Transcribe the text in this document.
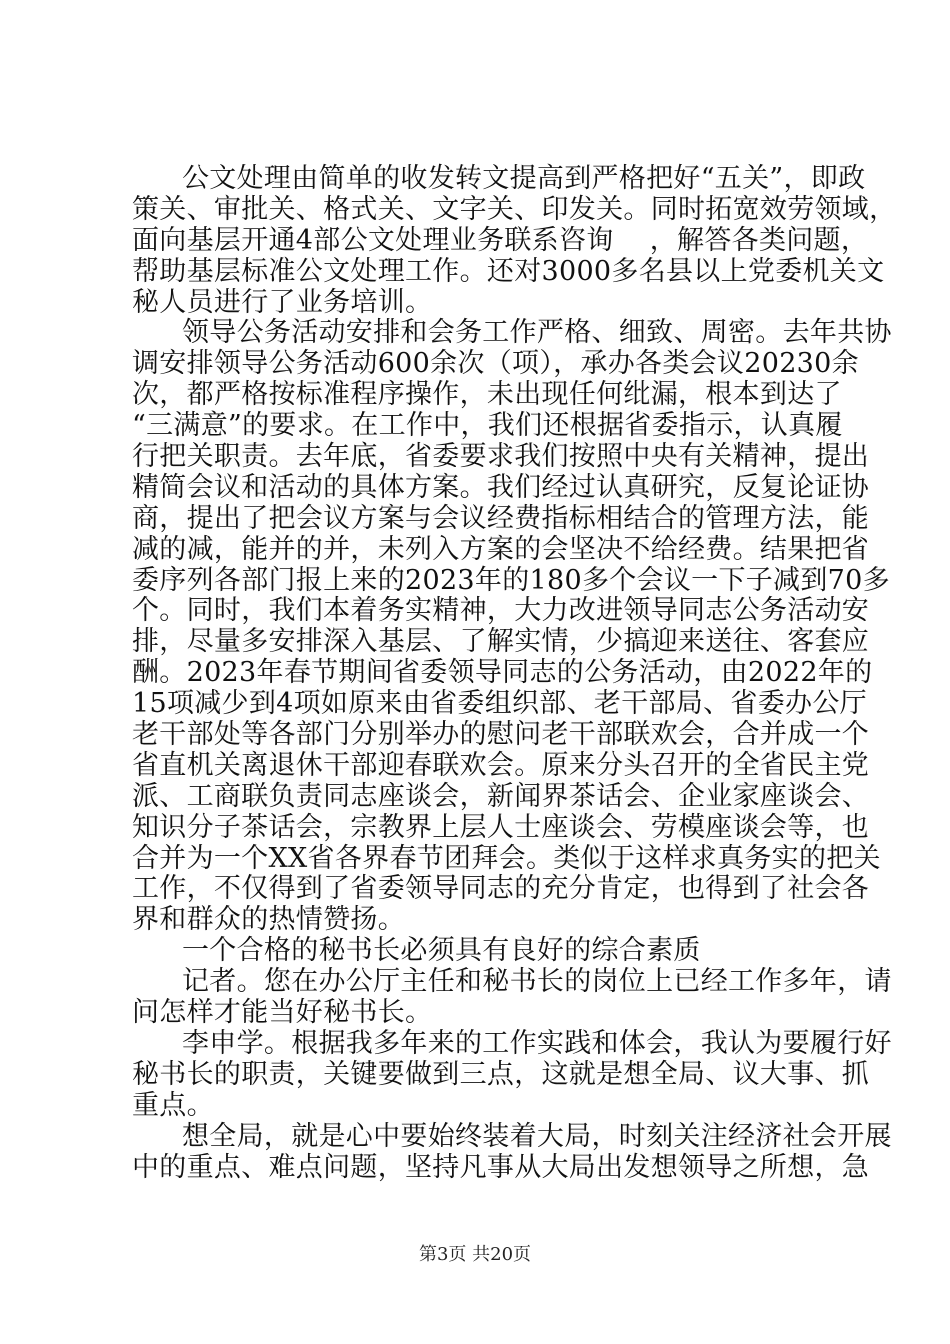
公文处理由简单的收发转文提高到严格把好“五关”，即政
策关、审批关、格式关、文字关、印发关。同时拓宽效劳领域，
面向基层开通4部公文处理业务联系咨询　 ，解答各类问题，
帮助基层标准公文处理工作。还对3000多名县以上党委机关文
秘人员进行了业务培训。
领导公务活动安排和会务工作严格、细致、周密。去年共协
调安排领导公务活动600余次（项），承办各类会议20230余
次，都严格按标准程序操作，未出现任何纰漏，根本到达了
“三满意”的要求。在工作中，我们还根据省委指示，认真履
行把关职责。去年底，省委要求我们按照中央有关精神，提出
精简会议和活动的具体方案。我们经过认真研究，反复论证协
商，提出了把会议方案与会议经费指标相结合的管理方法，能
减的减，能并的并，未列入方案的会坚决不给经费。结果把省
委序列各部门报上来的2023年的180多个会议一下子减到70多
个。同时，我们本着务实精神，大力改进领导同志公务活动安
排，尽量多安排深入基层、了解实情，少搞迎来送往、客套应
酬。2023年春节期间省委领导同志的公务活动，由2022年的
15项减少到4项如原来由省委组织部、老干部局、省委办公厅
老干部处等各部门分别举办的慰问老干部联欢会，合并成一个
省直机关离退休干部迎春联欢会。原来分头召开的全省民主党
派、工商联负责同志座谈会，新闻界茶话会、企业家座谈会、
知识分子茶话会，宗教界上层人士座谈会、劳模座谈会等，也
合并为一个XX省各界春节团拜会。类似于这样求真务实的把关
工作，不仅得到了省委领导同志的充分肯定，也得到了社会各
界和群众的热情赞扬。
一个合格的秘书长必须具有良好的综合素质
记者。您在办公厅主任和秘书长的岗位上已经工作多年，请
问怎样才能当好秘书长。
李申学。根据我多年来的工作实践和体会，我认为要履行好
秘书长的职责，关键要做到三点，这就是想全局、议大事、抓
重点。
想全局，就是心中要始终装着大局，时刻关注经济社会开展
中的重点、难点问题，坚持凡事从大局出发想领导之所想，急
第3页 共20页
